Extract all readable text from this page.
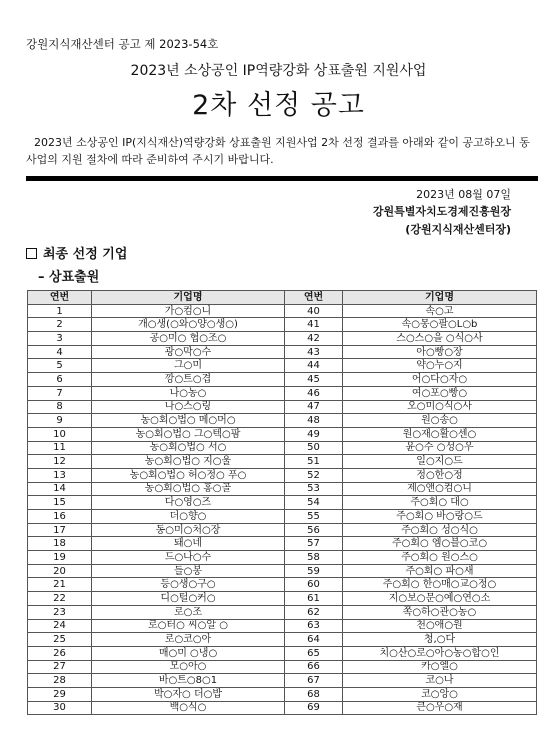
강원지식재산센터 공고 제 2023-54호
2023년 소상공인 IP역량강화 상표출원 지원사업
2차 선정 공고
2023년 소상공인 IP(지식재산)역량강화 상표출원 지원사업 2차 선정 결과를 아래와 같이 공고하오니 동 사업의 지원 절차에 따라 준비하여 주시기 바랍니다.
2023년 08월 07일
강원특별자치도경제진흥원장
(강원지식재산센터장)
최종 선정 기업
– 상표출원
연번	기업명	연번	기업명
1	가○컴○니	40	속○고
2	개○생(○와○양○생○)	41	속○몽○팔○L○b
3	공○미○ 협○조○	42	스○스○을 ○식○사
4	광○막○수	43	아○빵○장
5	그○미	44	약○누○지
6	깡○트○겹	45	어○다○자○
7	나○농○	46	여○포○빵○
8	나○스○링	47	오○미○식○사
9	농○회○법○ 메○머○	48	원○송○
10	농○회○법○ 그○텍○팜	49	원○재○활○센○
11	농○회○법○ 서○	50	윤○수 ○성○우
12	농○회○법○ 지○울	51	일○지○드
13	농○회○법○ 허○정○ 푸○	52	정○한○정
14	농○회○법○ 홍○골	53	제○앤○컴○니
15	다○영○즈	54	주○회○ 대○
16	더○향○	55	주○회○ 바○랑○드
17	동○미○처○장	56	주○회○ 성○식○
18	돼○네	57	주○회○ 엠○블○코○
19	드○나○수	58	주○회○ 원○스○
20	들○봉	59	주○회○ 파○새
21	등○생○구○	60	주○회○ 한○매○교○정○
22	디○털○커○	61	지○보○문○예○연○소
23	로○조	62	쪽○하○관○농○
24	로○터○ 씨○알 ○	63	천○애○원
25	로○코○아	64	청,○다
26	매○미 ○냉○	65	치○산○로○아○농○합○인
27	모○아○	66	카○엘○
28	바○트○8○1	67	코○나
29	박○자○ 더○밥	68	코○앙○
30	백○식○	69	큰○우○재
